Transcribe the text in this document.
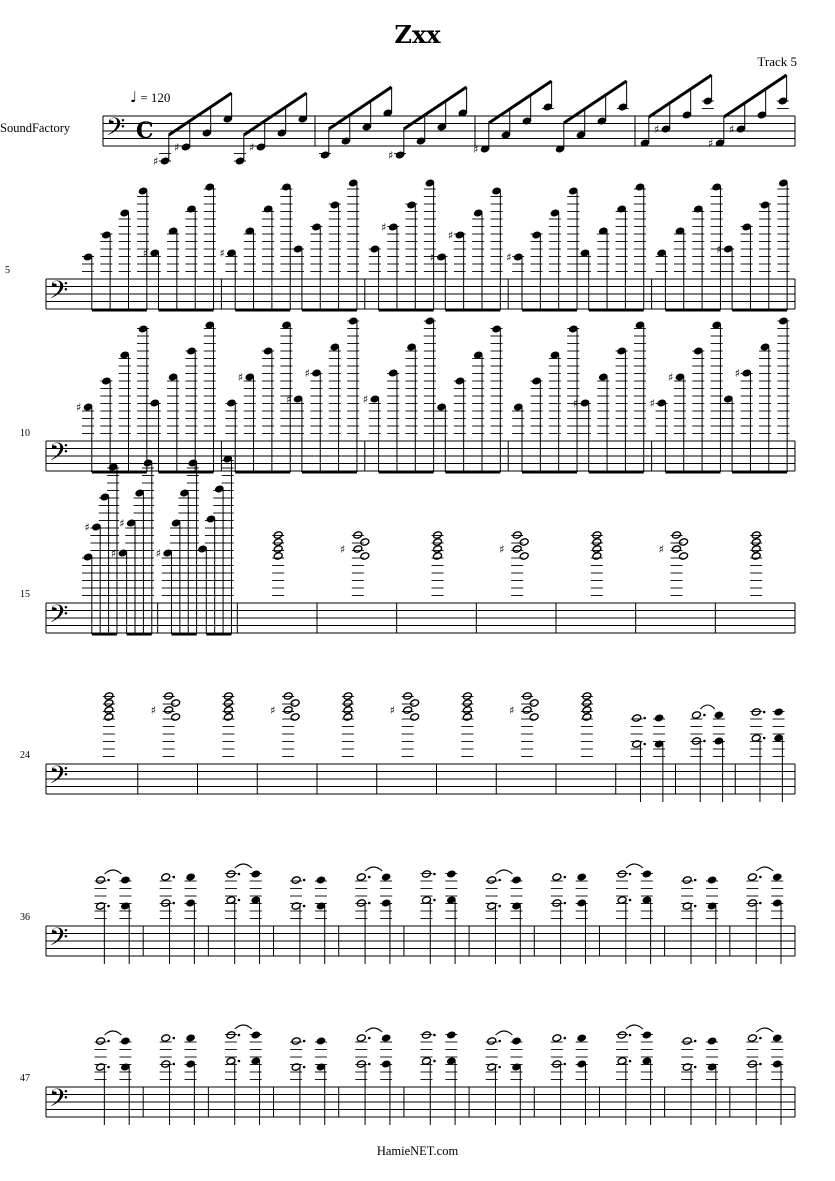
Zxx
Track 5
♩ = 120
SoundFactory
5
10
15
24
36
47
𝄢 C
♯
♯	♯
♯	♯
♯
♯
♯
𝄢
♯	♯
♯
♯
♯
♯
♯
𝄢
♯
♯
♯
♯
♯	♯	♯
♯	♯
𝄢
♯
♯
♯
♯	♯	♯	♯
𝄢
♯	♯	♯	♯
𝄢
𝄢
HamieNET.com
